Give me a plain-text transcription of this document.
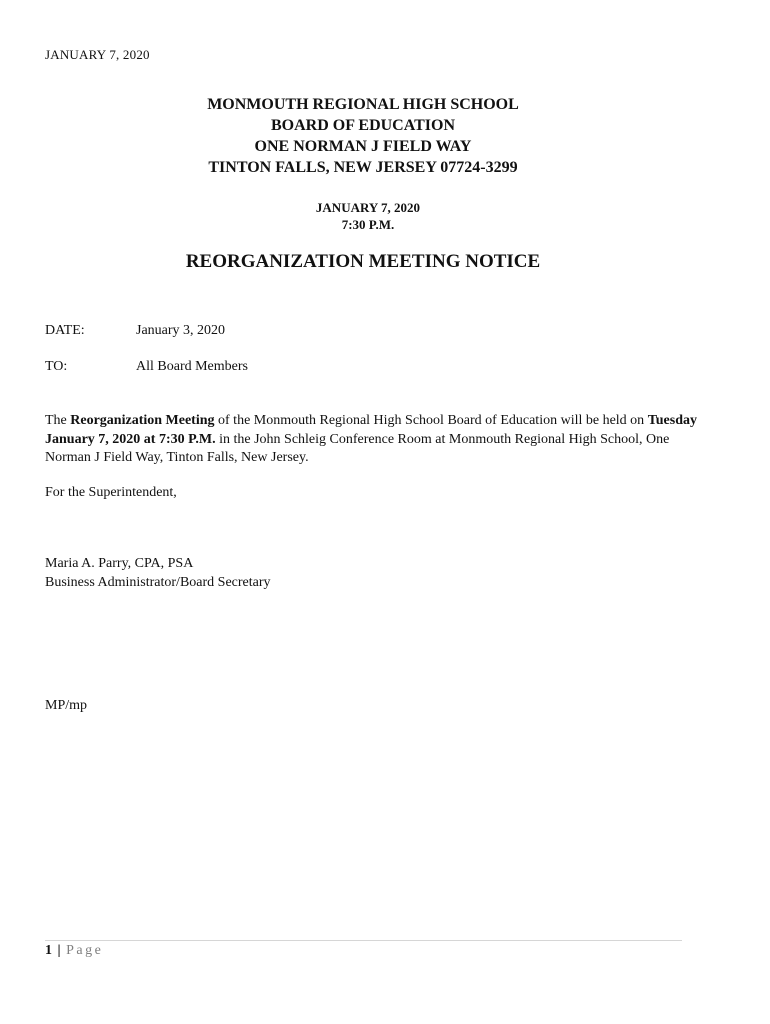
JANUARY 7, 2020
MONMOUTH REGIONAL HIGH SCHOOL
BOARD OF EDUCATION
ONE NORMAN J FIELD WAY
TINTON FALLS, NEW JERSEY 07724-3299
JANUARY 7, 2020
7:30 P.M.
REORGANIZATION MEETING NOTICE
DATE:	January 3, 2020
TO:	All Board Members
The Reorganization Meeting of the Monmouth Regional High School Board of Education will be held on Tuesday January 7, 2020 at 7:30 P.M. in the John Schleig Conference Room at Monmouth Regional High School, One Norman J Field Way, Tinton Falls, New Jersey.
For the Superintendent,
Maria A. Parry, CPA, PSA
Business Administrator/Board Secretary
MP/mp
1 | Page
